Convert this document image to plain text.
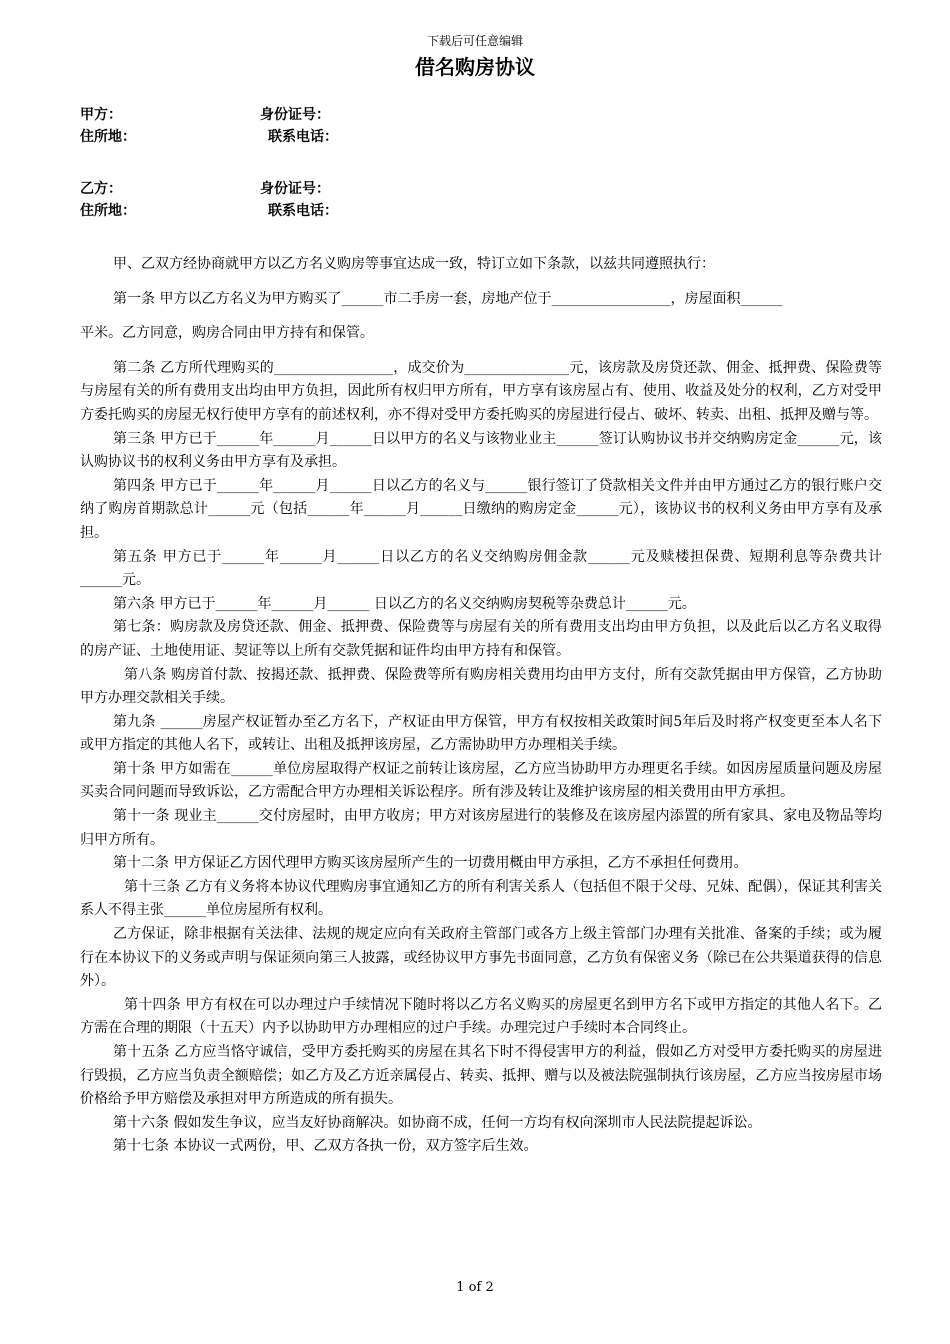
下载后可任意编辑
借名购房协议
甲方：	身份证号：
住所地：	联系电话：
乙方：	身份证号：
住所地：	联系电话：

甲、乙双方经协商就甲方以乙方名义购房等事宜达成一致，特订立如下条款，以兹共同遵照执行：

第一条 甲方以乙方名义为甲方购买了______市二手房一套，房地产位于_________________，房屋面积______

平米。乙方同意，购房合同由甲方持有和保管。

第二条 乙方所代理购买的_________________，成交价为_______________元，该房款及房贷还款、佣金、抵押费、保险费等与房屋有关的所有费用支出均由甲方负担，因此所有权归甲方所有，甲方享有该房屋占有、使用、收益及处分的权利，乙方对受甲方委托购买的房屋无权行使甲方享有的前述权利，亦不得对受甲方委托购买的房屋进行侵占、破坏、转卖、出租、抵押及赠与等。

第三条 甲方已于______年______月______日以甲方的名义与该物业业主______签订认购协议书并交纳购房定金______元，该认购协议书的权利义务由甲方享有及承担。

第四条 甲方已于______年______月______日以乙方的名义与______银行签订了贷款相关文件并由甲方通过乙方的银行账户交纳了购房首期款总计______元（包括______年______月______日缴纳的购房定金______元），该协议书的权利义务由甲方享有及承担。

第五条 甲方已于______年______月______日以乙方的名义交纳购房佣金款______元及赎楼担保费、短期利息等杂费共计______元。

第六条 甲方已于______年______月______ 日以乙方的名义交纳购房契税等杂费总计______元。

第七条：购房款及房贷还款、佣金、抵押费、保险费等与房屋有关的所有费用支出均由甲方负担，以及此后以乙方名义取得的房产证、土地使用证、契证等以上所有交款凭据和证件均由甲方持有和保管。

第八条 购房首付款、按揭还款、抵押费、保险费等所有购房相关费用均由甲方支付，所有交款凭据由甲方保管，乙方协助甲方办理交款相关手续。

第九条 ______房屋产权证暂办至乙方名下，产权证由甲方保管，甲方有权按相关政策时间5年后及时将产权变更至本人名下或甲方指定的其他人名下，或转让、出租及抵押该房屋，乙方需协助甲方办理相关手续。

第十条 甲方如需在______单位房屋取得产权证之前转让该房屋，乙方应当协助甲方办理更名手续。如因房屋质量问题及房屋买卖合同问题而导致诉讼，乙方需配合甲方办理相关诉讼程序。所有涉及转让及维护该房屋的相关费用由甲方承担。

第十一条 现业主______交付房屋时，由甲方收房；甲方对该房屋进行的装修及在该房屋内添置的所有家具、家电及物品等均归甲方所有。

第十二条 甲方保证乙方因代理甲方购买该房屋所产生的一切费用概由甲方承担，乙方不承担任何费用。

第十三条 乙方有义务将本协议代理购房事宜通知乙方的所有利害关系人（包括但不限于父母、兄妹、配偶），保证其利害关系人不得主张______单位房屋所有权利。

乙方保证，除非根据有关法律、法规的规定应向有关政府主管部门或各方上级主管部门办理有关批准、备案的手续；或为履行在本协议下的义务或声明与保证须向第三人披露，或经协议甲方事先书面同意，乙方负有保密义务（除已在公共渠道获得的信息外）。

第十四条 甲方有权在可以办理过户手续情况下随时将以乙方名义购买的房屋更名到甲方名下或甲方指定的其他人名下。乙方需在合理的期限（十五天）内予以协助甲方办理相应的过户手续。办理完过户手续时本合同终止。

第十五条 乙方应当恪守诚信，受甲方委托购买的房屋在其名下时不得侵害甲方的利益，假如乙方对受甲方委托购买的房屋进行毁损，乙方应当负责全额赔偿；如乙方及乙方近亲属侵占、转卖、抵押、赠与以及被法院强制执行该房屋，乙方应当按房屋市场价格给予甲方赔偿及承担对甲方所造成的所有损失。

第十六条 假如发生争议，应当友好协商解决。如协商不成，任何一方均有权向深圳市人民法院提起诉讼。

第十七条 本协议一式两份，甲、乙双方各执一份，双方签字后生效。

1 of 2
